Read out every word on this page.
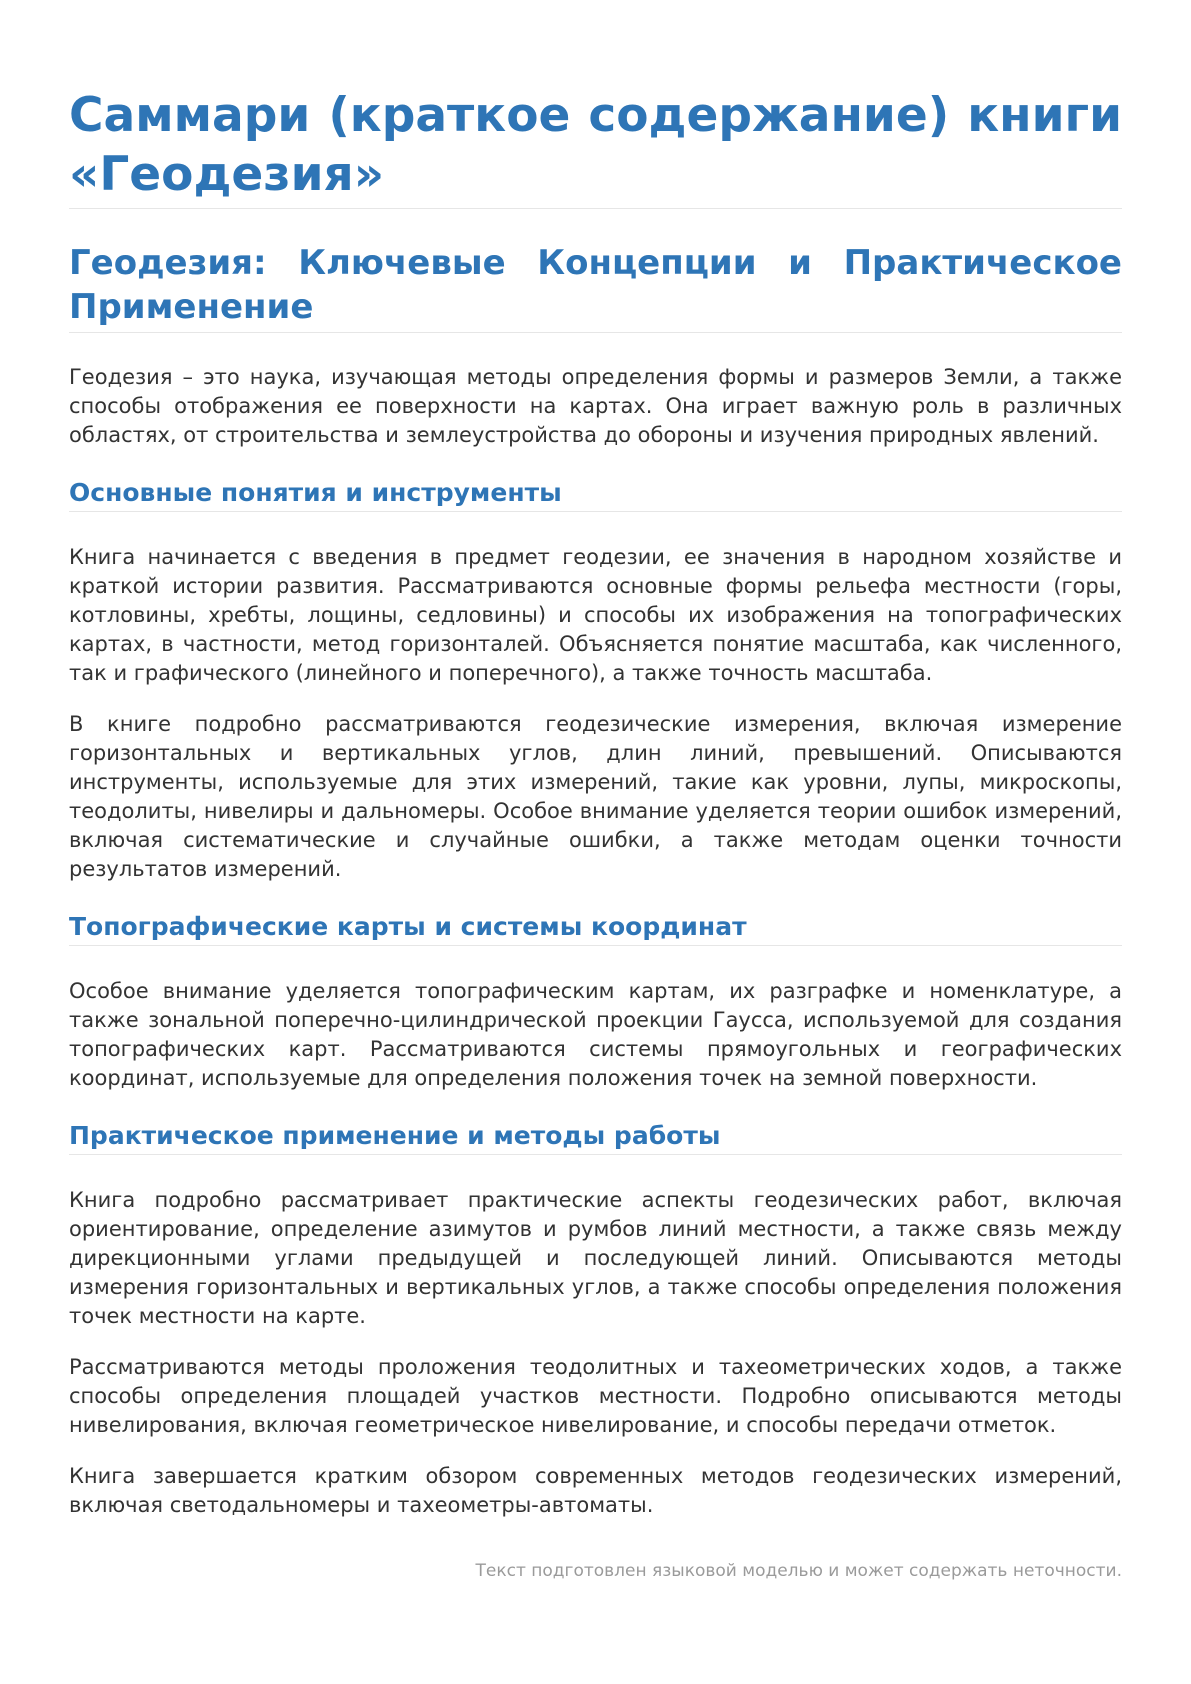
Саммари (краткое содержание) книги «Геодезия»
Геодезия: Ключевые Концепции и Практическое Применение

Геодезия – это наука, изучающая методы определения формы и размеров Земли, а также способы отображения ее поверхности на картах. Она играет важную роль в различных областях, от строительства и землеустройства до обороны и изучения природных явлений.

Основные понятия и инструменты

Книга начинается с введения в предмет геодезии, ее значения в народном хозяйстве и краткой истории развития. Рассматриваются основные формы рельефа местности (горы, котловины, хребты, лощины, седловины) и способы их изображения на топографических картах, в частности, метод горизонталей. Объясняется понятие масштаба, как численного, так и графического (линейного и поперечного), а также точность масштаба.

В книге подробно рассматриваются геодезические измерения, включая измерение горизонтальных и вертикальных углов, длин линий, превышений. Описываются инструменты, используемые для этих измерений, такие как уровни, лупы, микроскопы, теодолиты, нивелиры и дальномеры. Особое внимание уделяется теории ошибок измерений, включая систематические и случайные ошибки, а также методам оценки точности результатов измерений.

Топографические карты и системы координат

Особое внимание уделяется топографическим картам, их разграфке и номенклатуре, а также зональной поперечно-цилиндрической проекции Гаусса, используемой для создания топографических карт. Рассматриваются системы прямоугольных и географических координат, используемые для определения положения точек на земной поверхности.

Практическое применение и методы работы

Книга подробно рассматривает практические аспекты геодезических работ, включая ориентирование, определение азимутов и румбов линий местности, а также связь между дирекционными углами предыдущей и последующей линий. Описываются методы измерения горизонтальных и вертикальных углов, а также способы определения положения точек местности на карте.

Рассматриваются методы проложения теодолитных и тахеометрических ходов, а также способы определения площадей участков местности. Подробно описываются методы нивелирования, включая геометрическое нивелирование, и способы передачи отметок.

Книга завершается кратким обзором современных методов геодезических измерений, включая светодальномеры и тахеометры-автоматы.

Текст подготовлен языковой моделью и может содержать неточности.
